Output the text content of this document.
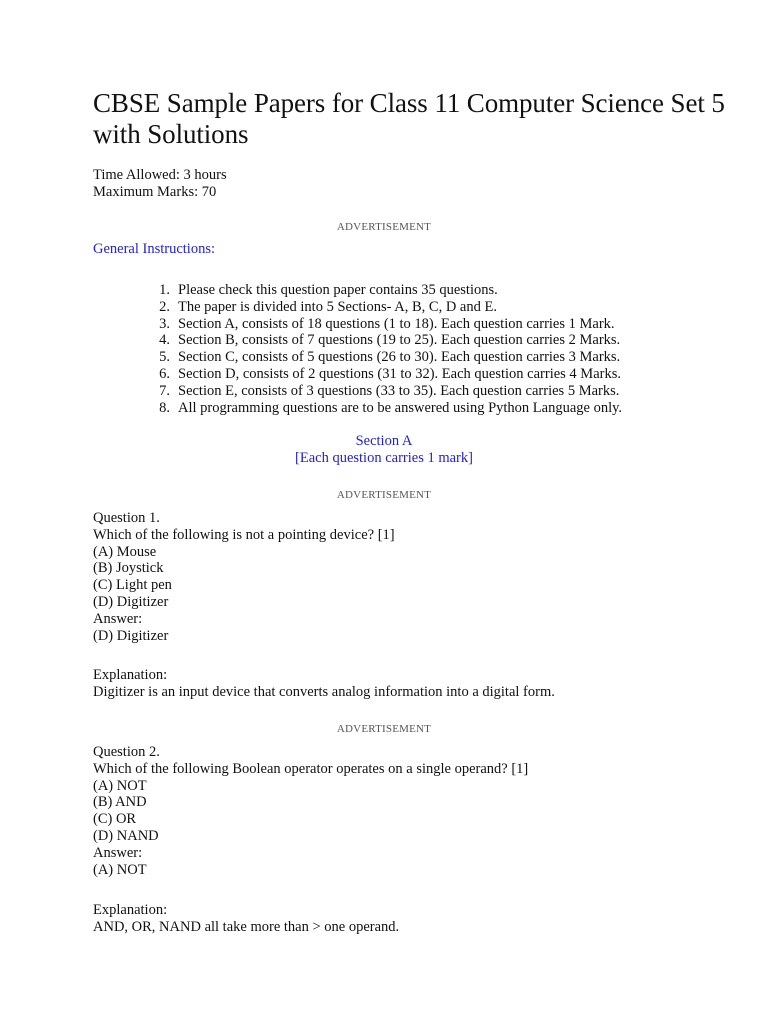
CBSE Sample Papers for Class 11 Computer Science Set 5 with Solutions
Time Allowed: 3 hours
Maximum Marks: 70
ADVERTISEMENT
General Instructions:
1. Please check this question paper contains 35 questions.
2. The paper is divided into 5 Sections- A, B, C, D and E.
3. Section A, consists of 18 questions (1 to 18). Each question carries 1 Mark.
4. Section B, consists of 7 questions (19 to 25). Each question carries 2 Marks.
5. Section C, consists of 5 questions (26 to 30). Each question carries 3 Marks.
6. Section D, consists of 2 questions (31 to 32). Each question carries 4 Marks.
7. Section E, consists of 3 questions (33 to 35). Each question carries 5 Marks.
8. All programming questions are to be answered using Python Language only.
Section A
[Each question carries 1 mark]
ADVERTISEMENT
Question 1.
Which of the following is not a pointing device? [1]
(A) Mouse
(B) Joystick
(C) Light pen
(D) Digitizer
Answer:
(D) Digitizer
Explanation:
Digitizer is an input device that converts analog information into a digital form.
ADVERTISEMENT
Question 2.
Which of the following Boolean operator operates on a single operand? [1]
(A) NOT
(B) AND
(C) OR
(D) NAND
Answer:
(A) NOT
Explanation:
AND, OR, NAND all take more than > one operand.
